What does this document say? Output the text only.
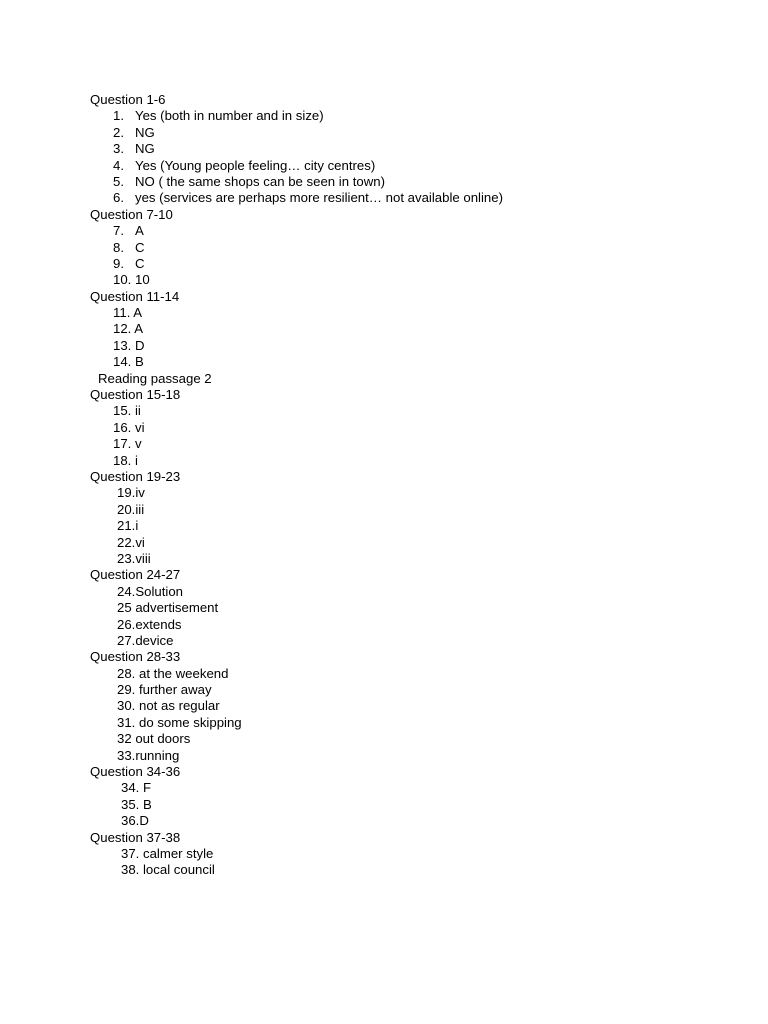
Question 1-6
1. Yes (both in number and in size)
2. NG
3. NG
4. Yes (Young people feeling… city centres)
5. NO ( the same shops can be seen in town)
6. yes (services are perhaps more resilient… not available online)
Question 7-10
7. A
8. C
9. C
10. 10
Question 11-14
11. A
12. A
13. D
14. B
Reading passage 2
Question 15-18
15. ii
16. vi
17. v
18. i
Question 19-23
19.iv
20.iii
21.i
22.vi
23.viii
Question 24-27
24.Solution
25 advertisement
26.extends
27.device
Question 28-33
28. at the weekend
29. further away
30. not as regular
31. do some skipping
32 out doors
33.running
Question 34-36
34. F
35. B
36.D
Question 37-38
37. calmer style
38. local council
